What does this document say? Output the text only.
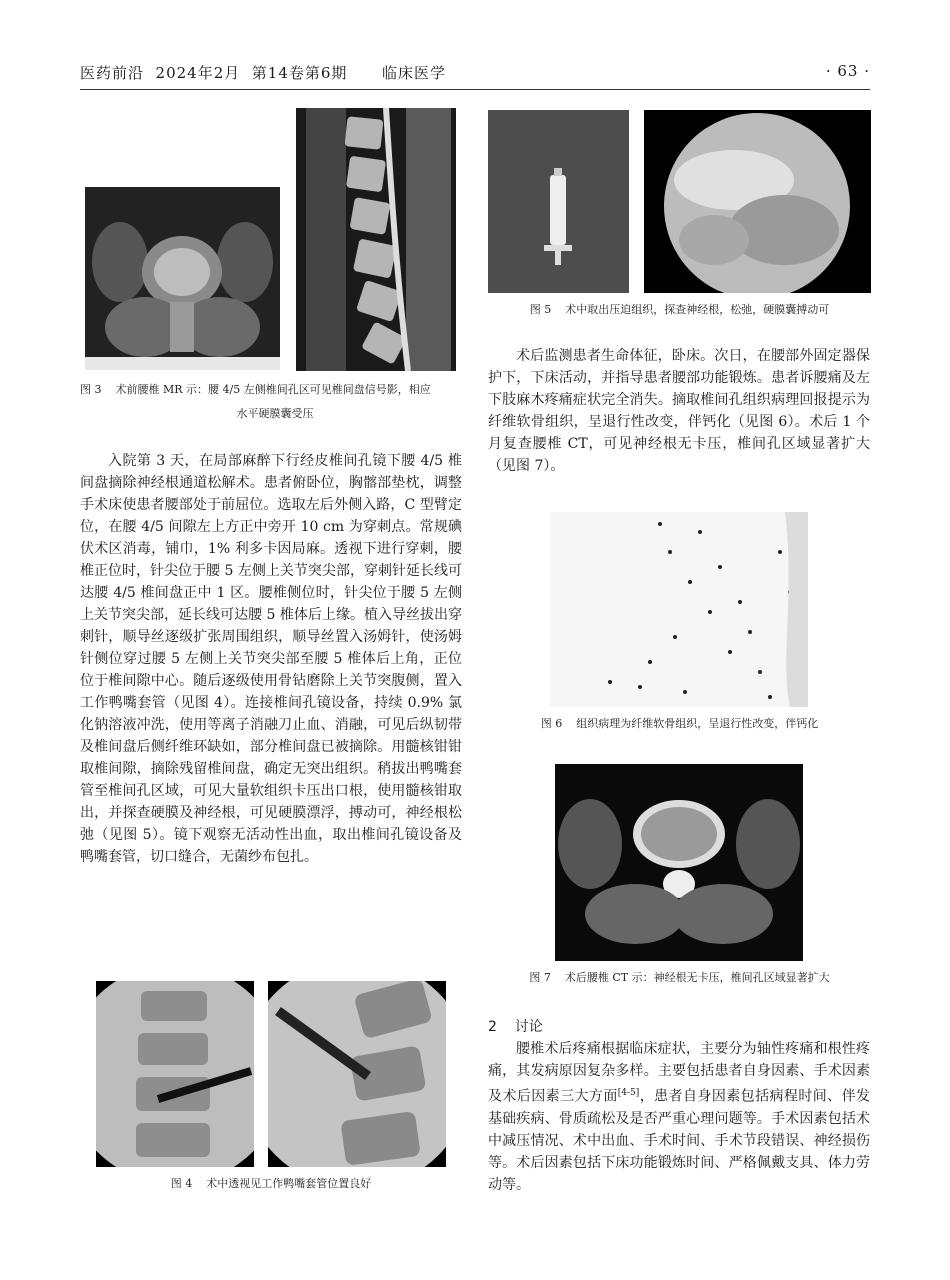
医药前沿  2024年2月  第14卷第6期      临床医学	· 63 ·
图 3    术前腰椎 MR 示：腰 4/5 左侧椎间孔区可见椎间盘信号影，相应
水平硬膜囊受压

入院第 3 天，在局部麻醉下行经皮椎间孔镜下腰 4/5 椎间盘摘除神经根通道松解术。患者俯卧位，胸髂部垫枕，调整手术床使患者腰部处于前屈位。选取左后外侧入路，C 型臂定位，在腰 4/5 间隙左上方正中旁开 10 cm 为穿刺点。常规碘伏术区消毒，铺巾，1% 利多卡因局麻。透视下进行穿刺，腰椎正位时，针尖位于腰 5 左侧上关节突尖部，穿刺针延长线可达腰 4/5 椎间盘正中 1 区。腰椎侧位时，针尖位于腰 5 左侧上关节突尖部，延长线可达腰 5 椎体后上缘。植入导丝拔出穿刺针，顺导丝逐级扩张周围组织，顺导丝置入汤姆针，使汤姆针侧位穿过腰 5 左侧上关节突尖部至腰 5 椎体后上角，正位位于椎间隙中心。随后逐级使用骨钻磨除上关节突腹侧，置入工作鸭嘴套管（见图 4）。连接椎间孔镜设备，持续 0.9% 氯化钠溶液冲洗，使用等离子消融刀止血、消融，可见后纵韧带及椎间盘后侧纤维环缺如，部分椎间盘已被摘除。用髓核钳钳取椎间隙，摘除残留椎间盘，确定无突出组织。稍拔出鸭嘴套管至椎间孔区域，可见大量软组织卡压出口根，使用髓核钳取出，并探查硬膜及神经根，可见硬膜漂浮，搏动可，神经根松弛（见图 5）。镜下观察无活动性出血，取出椎间孔镜设备及鸭嘴套管，切口缝合，无菌纱布包扎。

图 4    术中透视见工作鸭嘴套管位置良好
图 5    术中取出压迫组织，探查神经根，松弛，硬膜囊搏动可

术后监测患者生命体征，卧床。次日，在腰部外固定器保护下，下床活动，并指导患者腰部功能锻炼。患者诉腰痛及左下肢麻木疼痛症状完全消失。摘取椎间孔组织病理回报提示为纤维软骨组织，呈退行性改变，伴钙化（见图 6）。术后 1 个月复查腰椎 CT，可见神经根无卡压，椎间孔区域显著扩大（见图 7）。

图 6    组织病理为纤维软骨组织，呈退行性改变，伴钙化
图 7    术后腰椎 CT 示：神经根无卡压，椎间孔区域显著扩大
2    讨论

腰椎术后疼痛根据临床症状，主要分为轴性疼痛和根性疼痛，其发病原因复杂多样。主要包括患者自身因素、手术因素及术后因素三大方面[4-5]，患者自身因素包括病程时间、伴发基础疾病、骨质疏松及是否严重心理问题等。手术因素包括术中减压情况、术中出血、手术时间、手术节段错误、神经损伤等。术后因素包括下床功能锻炼时间、严格佩戴支具、体力劳动等。
